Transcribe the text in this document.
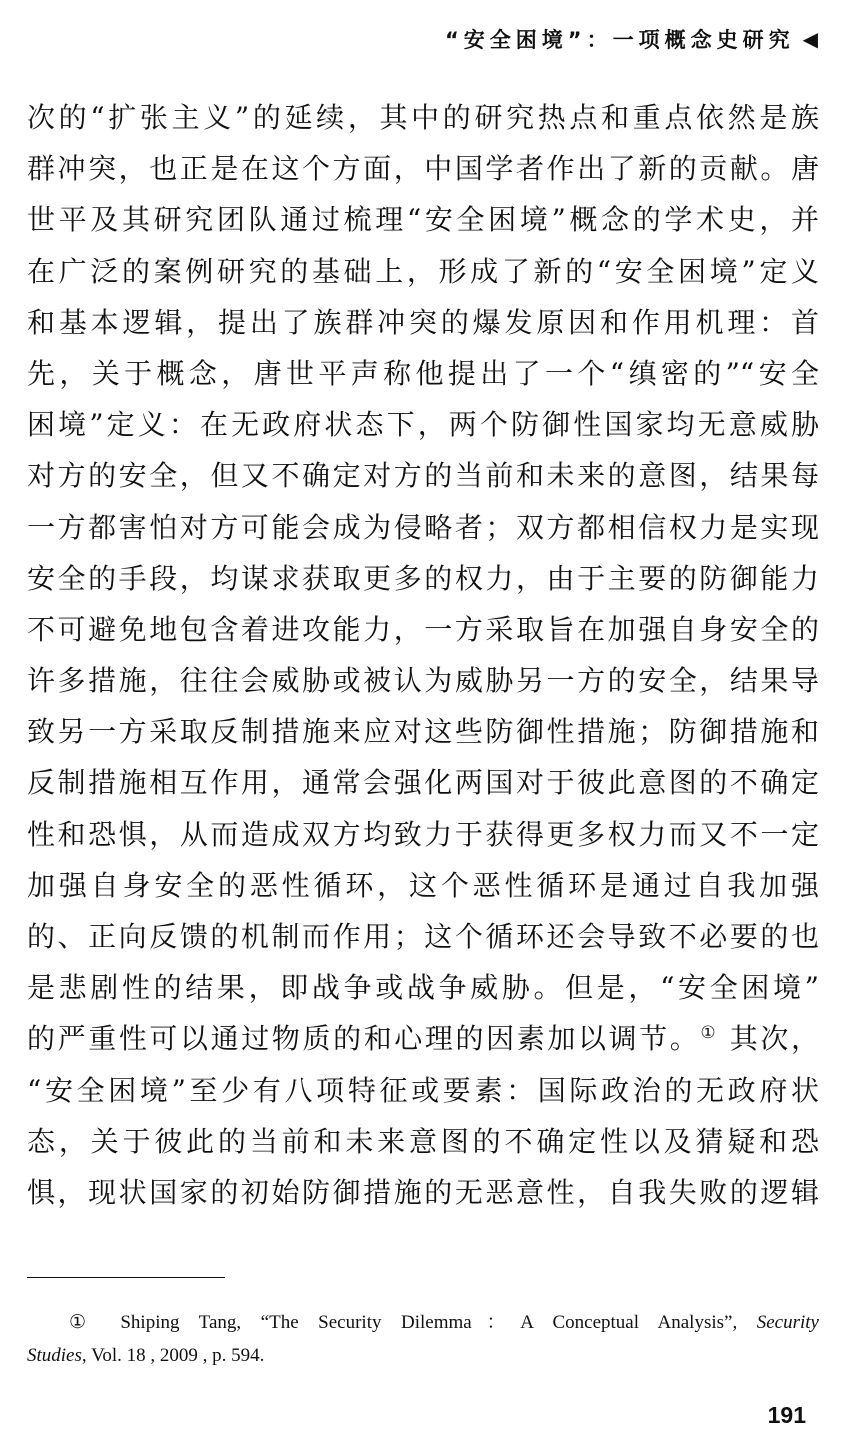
“安全困境”：一项概念史研究 ◀
次的“扩张主义”的延续，其中的研究热点和重点依然是族
群冲突，也正是在这个方面，中国学者作出了新的贡献。唐
世平及其研究团队通过梳理“安全困境”概念的学术史，并
在广泛的案例研究的基础上，形成了新的“安全困境”定义
和基本逻辑，提出了族群冲突的爆发原因和作用机理：首
先，关于概念，唐世平声称他提出了一个“缜密的”“安全
困境”定义：在无政府状态下，两个防御性国家均无意威胁
对方的安全，但又不确定对方的当前和未来的意图，结果每
一方都害怕对方可能会成为侵略者；双方都相信权力是实现
安全的手段，均谋求获取更多的权力，由于主要的防御能力
不可避免地包含着进攻能力，一方采取旨在加强自身安全的
许多措施，往往会威胁或被认为威胁另一方的安全，结果导
致另一方采取反制措施来应对这些防御性措施；防御措施和
反制措施相互作用，通常会强化两国对于彼此意图的不确定
性和恐惧，从而造成双方均致力于获得更多权力而又不一定
加强自身安全的恶性循环，这个恶性循环是通过自我加强
的、正向反馈的机制而作用；这个循环还会导致不必要的也
是悲剧性的结果，即战争或战争威胁。但是，“安全困境”
的严重性可以通过物质的和心理的因素加以调节。① 其次，
“安全困境”至少有八项特征或要素：国际政治的无政府状
态，关于彼此的当前和未来意图的不确定性以及猜疑和恐
惧，现状国家的初始防御措施的无恶意性，自我失败的逻辑
① Shiping Tang, “The Security Dilemma：A Conceptual Analysis”, Security
Studies, Vol. 18 , 2009 , p. 594.
191
